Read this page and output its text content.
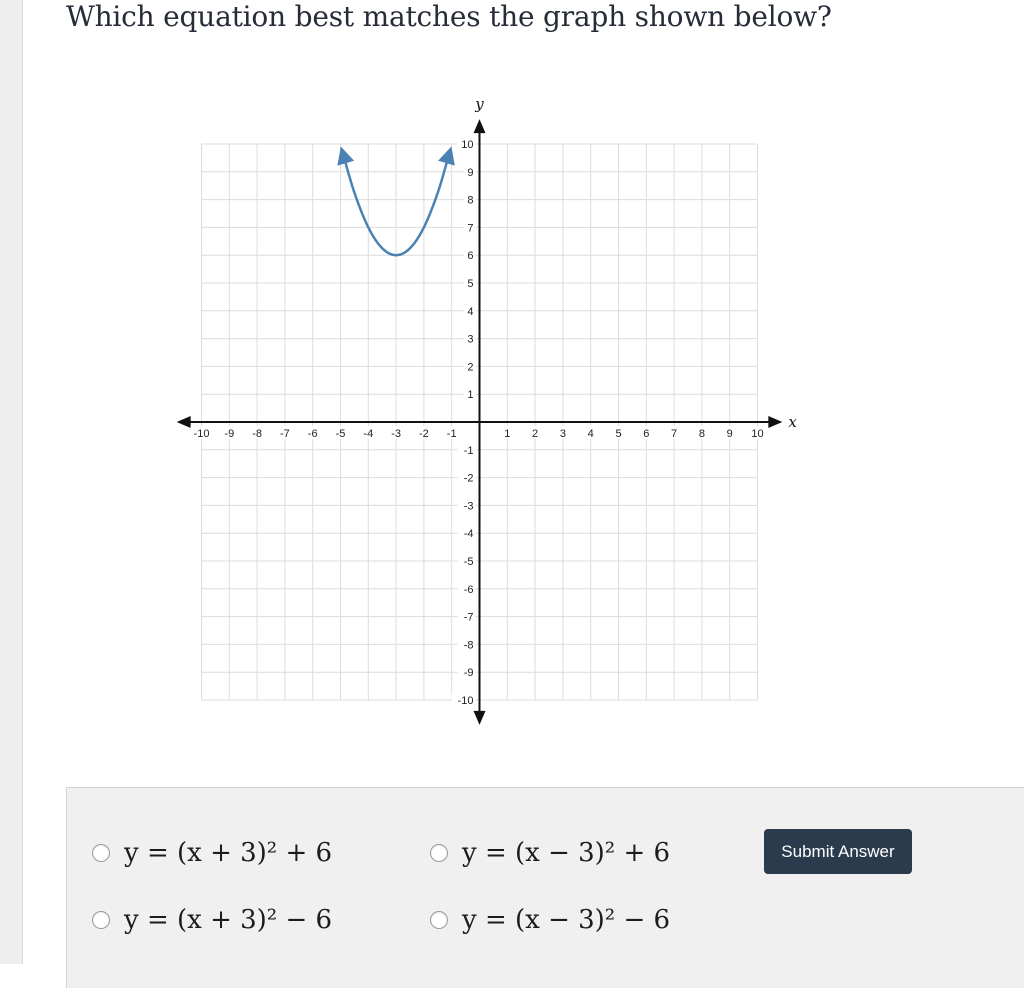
Which equation best matches the graph shown below?
x
y
-10 -9 -8 -7 -6 -5 -4 -3 -2 -1	1 2 3 4 5 6 7 8 9 10
10
9
8
7
6
5
4
3
2
1
-1
-2
-3
-4
-5
-6
-7
-8
-9
-10
y = (x + 3)² + 6	y = (x − 3)² + 6
y = (x + 3)² − 6	y = (x − 3)² − 6
Submit Answer
